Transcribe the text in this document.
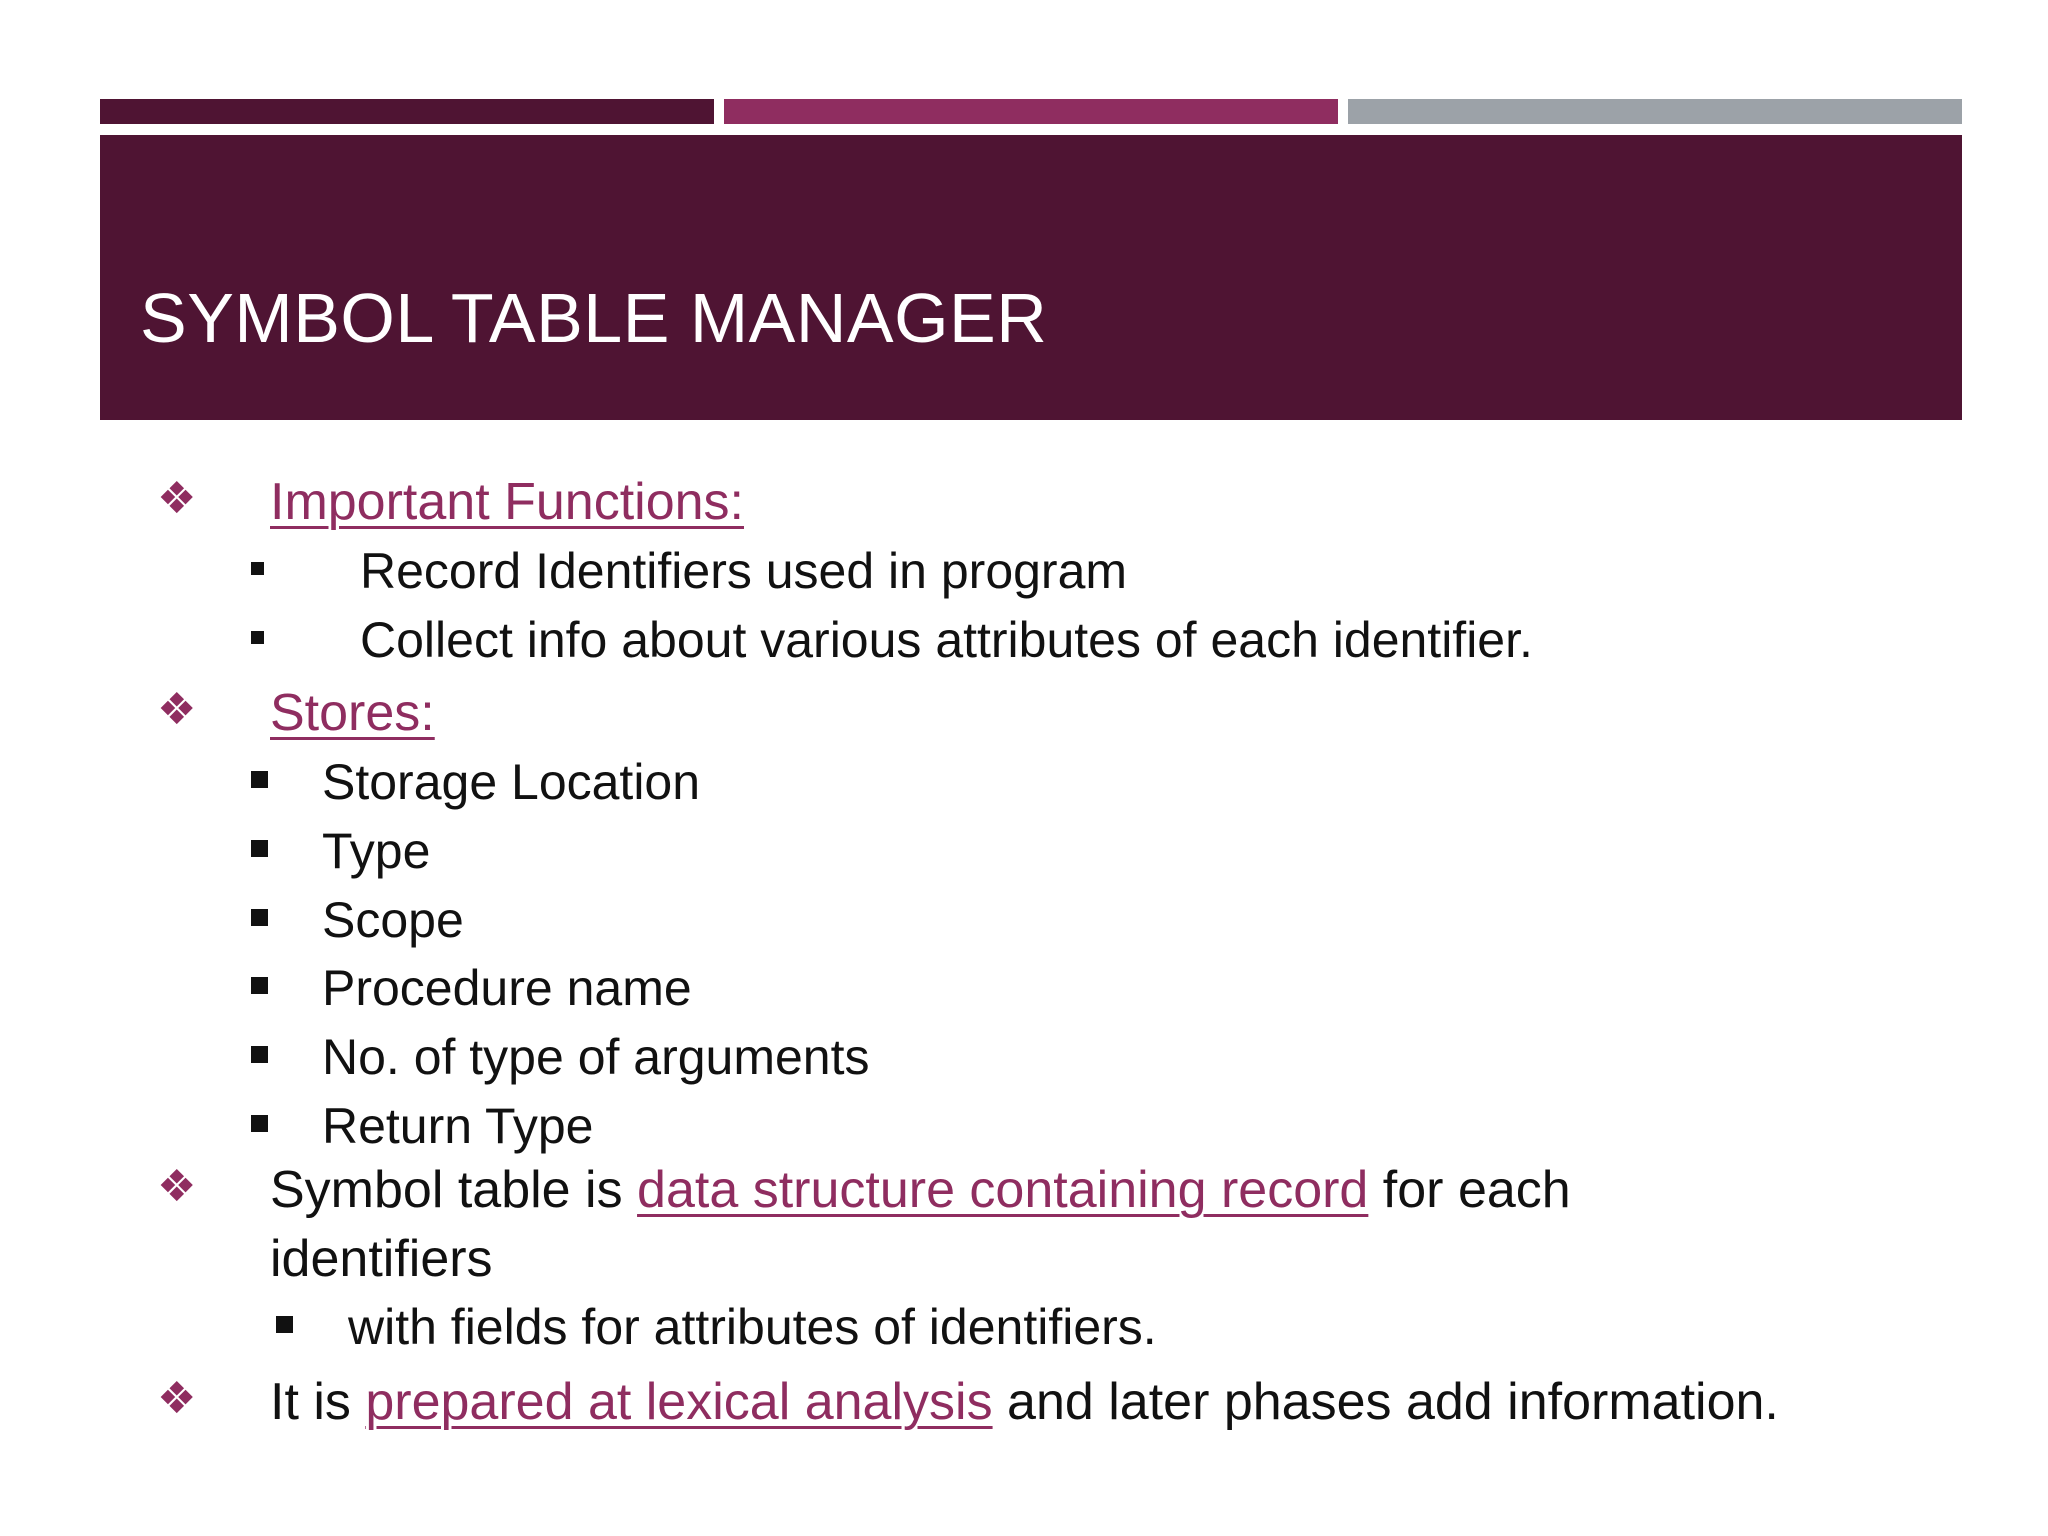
SYMBOL TABLE MANAGER
❖ Important Functions:
Record Identifiers used in program
Collect info about various attributes of each identifier.
❖ Stores:
Storage Location
Type
Scope
Procedure name
No. of type of arguments
Return Type
❖ Symbol table is data structure containing record for each
identifiers
with fields for attributes of identifiers.
❖ It is prepared at lexical analysis and later phases add information.
